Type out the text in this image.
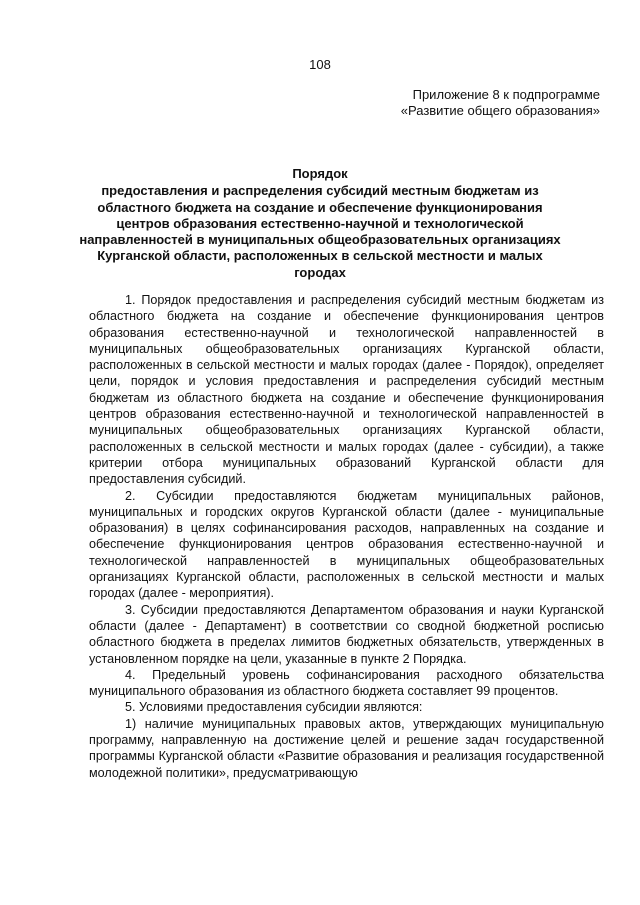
108
Приложение 8 к подпрограмме
«Развитие общего образования»
Порядок
предоставления и распределения субсидий местным бюджетам из областного бюджета на создание и обеспечение функционирования центров образования естественно-научной и технологической направленностей в муниципальных общеобразовательных организациях Курганской области, расположенных в сельской местности и малых городах

1. Порядок предоставления и распределения субсидий местным бюджетам из областного бюджета на создание и обеспечение функционирования центров образования естественно-научной и технологической направленностей в муниципальных общеобразовательных организациях Курганской области, расположенных в сельской местности и малых городах (далее - Порядок), определяет цели, порядок и условия предоставления и распределения субсидий местным бюджетам из областного бюджета на создание и обеспечение функционирования центров образования естественно-научной и технологической направленностей в муниципальных общеобразовательных организациях Курганской области, расположенных в сельской местности и малых городах (далее - субсидии), а также критерии отбора муниципальных образований Курганской области для предоставления субсидий.

2. Субсидии предоставляются бюджетам муниципальных районов, муниципальных и городских округов Курганской области (далее - муниципальные образования) в целях софинансирования расходов, направленных на создание и обеспечение функционирования центров образования естественно-научной и технологической направленностей в муниципальных общеобразовательных организациях Курганской области, расположенных в сельской местности и малых городах (далее - мероприятия).

3. Субсидии предоставляются Департаментом образования и науки Курганской области (далее - Департамент) в соответствии со сводной бюджетной росписью областного бюджета в пределах лимитов бюджетных обязательств, утвержденных в установленном порядке на цели, указанные в пункте 2 Порядка.

4. Предельный уровень софинансирования расходного обязательства муниципального образования из областного бюджета составляет 99 процентов.

5. Условиями предоставления субсидии являются:

1) наличие муниципальных правовых актов, утверждающих муниципальную программу, направленную на достижение целей и решение задач государственной программы Курганской области «Развитие образования и реализация государственной молодежной политики», предусматривающую
